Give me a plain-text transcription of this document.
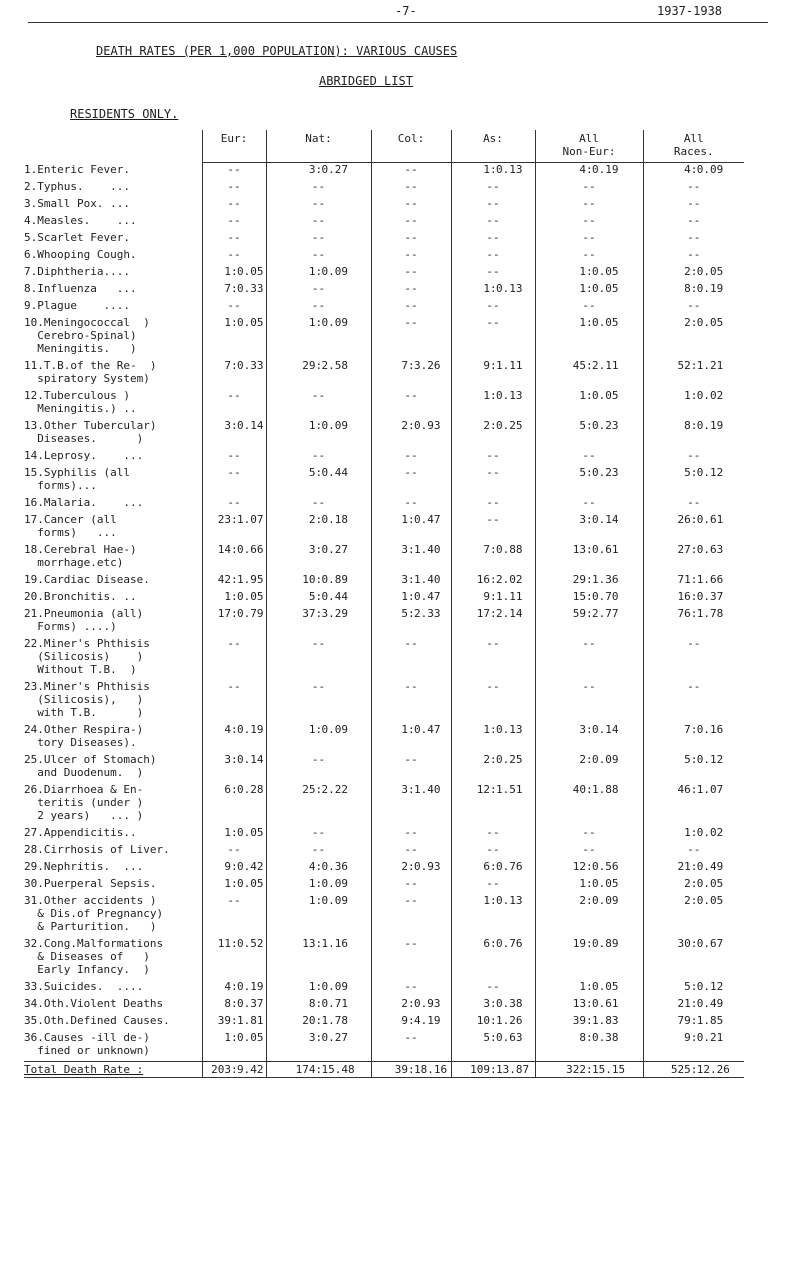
-7-	1937-1938
DEATH RATES (PER 1,000 POPULATION): VARIOUS CAUSES
ABRIDGED LIST
RESIDENTS ONLY.
	Eur:	Nat:	Col:	As:	All
Non-Eur:	All
Races.
1.Enteric Fever.	--	3 : 0.27	--	1 : 0.13	4 : 0.19	4 : 0.09

2.Typhus.    ...	--	--	--	--	--	--

3.Small Pox. ...	--	--	--	--	--	--

4.Measles.    ...	--	--	--	--	--	--

5.Scarlet Fever.	--	--	--	--	--	--

6.Whooping Cough.	--	--	--	--	--	--

7.Diphtheria....	1 : 0.05	1 : 0.09	--	--	1 : 0.05	2 : 0.05

8.Influenza   ...	7 : 0.33	--	--	1 : 0.13	1 : 0.05	8 : 0.19

9.Plague    ....	--	--	--	--	--	--

10.Meningococcal  )
Cerebro-Spinal)
Meningitis.   )	1 : 0.05	1 : 0.09	--	--	1 : 0.05	2 : 0.05

11.T.B.of the Re-  )
spiratory System)	7 : 0.33	29 : 2.58	7 : 3.26	9 : 1.11	45 : 2.11	52 : 1.21

12.Tuberculous )
Meningitis.) ..	--	--	--	1 : 0.13	1 : 0.05	1 : 0.02

13.Other Tubercular)
Diseases.      )	3 : 0.14	1 : 0.09	2 : 0.93	2 : 0.25	5 : 0.23	8 : 0.19

14.Leprosy.    ...	--	--	--	--	--	--

15.Syphilis (all
forms)...	--	5 : 0.44	--	--	5 : 0.23	5 : 0.12

16.Malaria.    ...	--	--	--	--	--	--

17.Cancer (all
forms)   ...	23 : 1.07	2 : 0.18	1 : 0.47	--	3 : 0.14	26 : 0.61

18.Cerebral Hae-)
morrhage.etc)	14 : 0.66	3 : 0.27	3 : 1.40	7 : 0.88	13 : 0.61	27 : 0.63

19.Cardiac Disease.	42 : 1.95	10 : 0.89	3 : 1.40	16 : 2.02	29 : 1.36	71 : 1.66

20.Bronchitis. ..	1 : 0.05	5 : 0.44	1 : 0.47	9 : 1.11	15 : 0.70	16 : 0.37

21.Pneumonia (all)
Forms) ....)	17 : 0.79	37 : 3.29	5 : 2.33	17 : 2.14	59 : 2.77	76 : 1.78

22.Miner's Phthisis
(Silicosis)    )
Without T.B.  )	--	--	--	--	--	--

23.Miner's Phthisis
(Silicosis),   )
with T.B.      )	--	--	--	--	--	--

24.Other Respira-)
tory Diseases).	4 : 0.19	1 : 0.09	1 : 0.47	1 : 0.13	3 : 0.14	7 : 0.16

25.Ulcer of Stomach)
and Duodenum.  )	3 : 0.14	--	--	2 : 0.25	2 : 0.09	5 : 0.12

26.Diarrhoea & En-
teritis (under )
2 years)   ... )	6 : 0.28	25 : 2.22	3 : 1.40	12 : 1.51	40 : 1.88	46 : 1.07

27.Appendicitis..	1 : 0.05	--	--	--	--	1 : 0.02

28.Cirrhosis of Liver.	--	--	--	--	--	--

29.Nephritis.  ...	9 : 0.42	4 : 0.36	2 : 0.93	6 : 0.76	12 : 0.56	21 : 0.49

30.Puerperal Sepsis.	1 : 0.05	1 : 0.09	--	--	1 : 0.05	2 : 0.05

31.Other accidents )
& Dis.of Pregnancy)
& Parturition.   )	--	1 : 0.09	--	1 : 0.13	2 : 0.09	2 : 0.05

32.Cong.Malformations
& Diseases of   )
Early Infancy.  )	11 : 0.52	13 : 1.16	--	6 : 0.76	19 : 0.89	30 : 0.67

33.Suicides.  ....	4 : 0.19	1 : 0.09	--	--	1 : 0.05	5 : 0.12

34.Oth.Violent Deaths	8 : 0.37	8 : 0.71	2 : 0.93	3 : 0.38	13 : 0.61	21 : 0.49

35.Oth.Defined Causes.	39 : 1.81	20 : 1.78	9 : 4.19	10 : 1.26	39 : 1.83	79 : 1.85

36.Causes -ill de-)
fined or unknown)	1 : 0.05	3 : 0.27	--	5 : 0.63	8 : 0.38	9 : 0.21

Total Death Rate :	203 : 9.42	174 : 15.48	39 : 18.16	109 : 13.87	322 : 15.15	525 : 12.26
